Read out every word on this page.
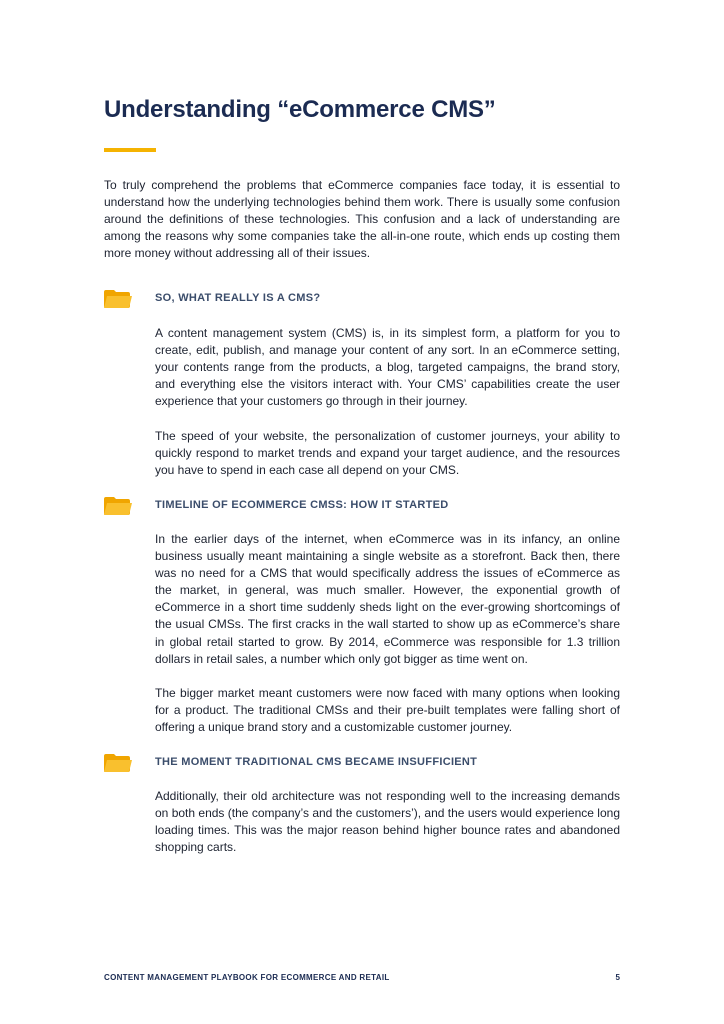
Understanding “eCommerce CMS”

To truly comprehend the problems that eCommerce companies face today, it is essential to understand how the underlying technologies behind them work. There is usually some confusion around the definitions of these technologies. This confusion and a lack of understanding are among the reasons why some companies take the all-in-one route, which ends up costing them more money without addressing all of their issues.

SO, WHAT REALLY IS A CMS?

A content management system (CMS) is, in its simplest form, a platform for you to create, edit, publish, and manage your content of any sort. In an eCommerce setting, your contents range from the products, a blog, targeted campaigns, the brand story, and everything else the visitors interact with. Your CMS’ capabilities create the user experience that your customers go through in their journey.

The speed of your website, the personalization of customer journeys, your ability to quickly respond to market trends and expand your target audience, and the resources you have to spend in each case all depend on your CMS.

TIMELINE OF ECOMMERCE CMSS: HOW IT STARTED

In the earlier days of the internet, when eCommerce was in its infancy, an online business usually meant maintaining a single website as a storefront. Back then, there was no need for a CMS that would specifically address the issues of eCommerce as the market, in general, was much smaller. However, the exponential growth of eCommerce in a short time suddenly sheds light on the ever-growing shortcomings of the usual CMSs. The first cracks in the wall started to show up as eCommerce’s share in global retail started to grow. By 2014, eCommerce was responsible for 1.3 trillion dollars in retail sales, a number which only got bigger as time went on.

The bigger market meant customers were now faced with many options when looking for a product. The traditional CMSs and their pre-built templates were falling short of offering a unique brand story and a customizable customer journey.

THE MOMENT TRADITIONAL CMS BECAME INSUFFICIENT

Additionally, their old architecture was not responding well to the increasing demands on both ends (the company’s and the customers’), and the users would experience long loading times. This was the major reason behind higher bounce rates and abandoned shopping carts.

CONTENT MANAGEMENT PLAYBOOK FOR ECOMMERCE AND RETAIL	5
